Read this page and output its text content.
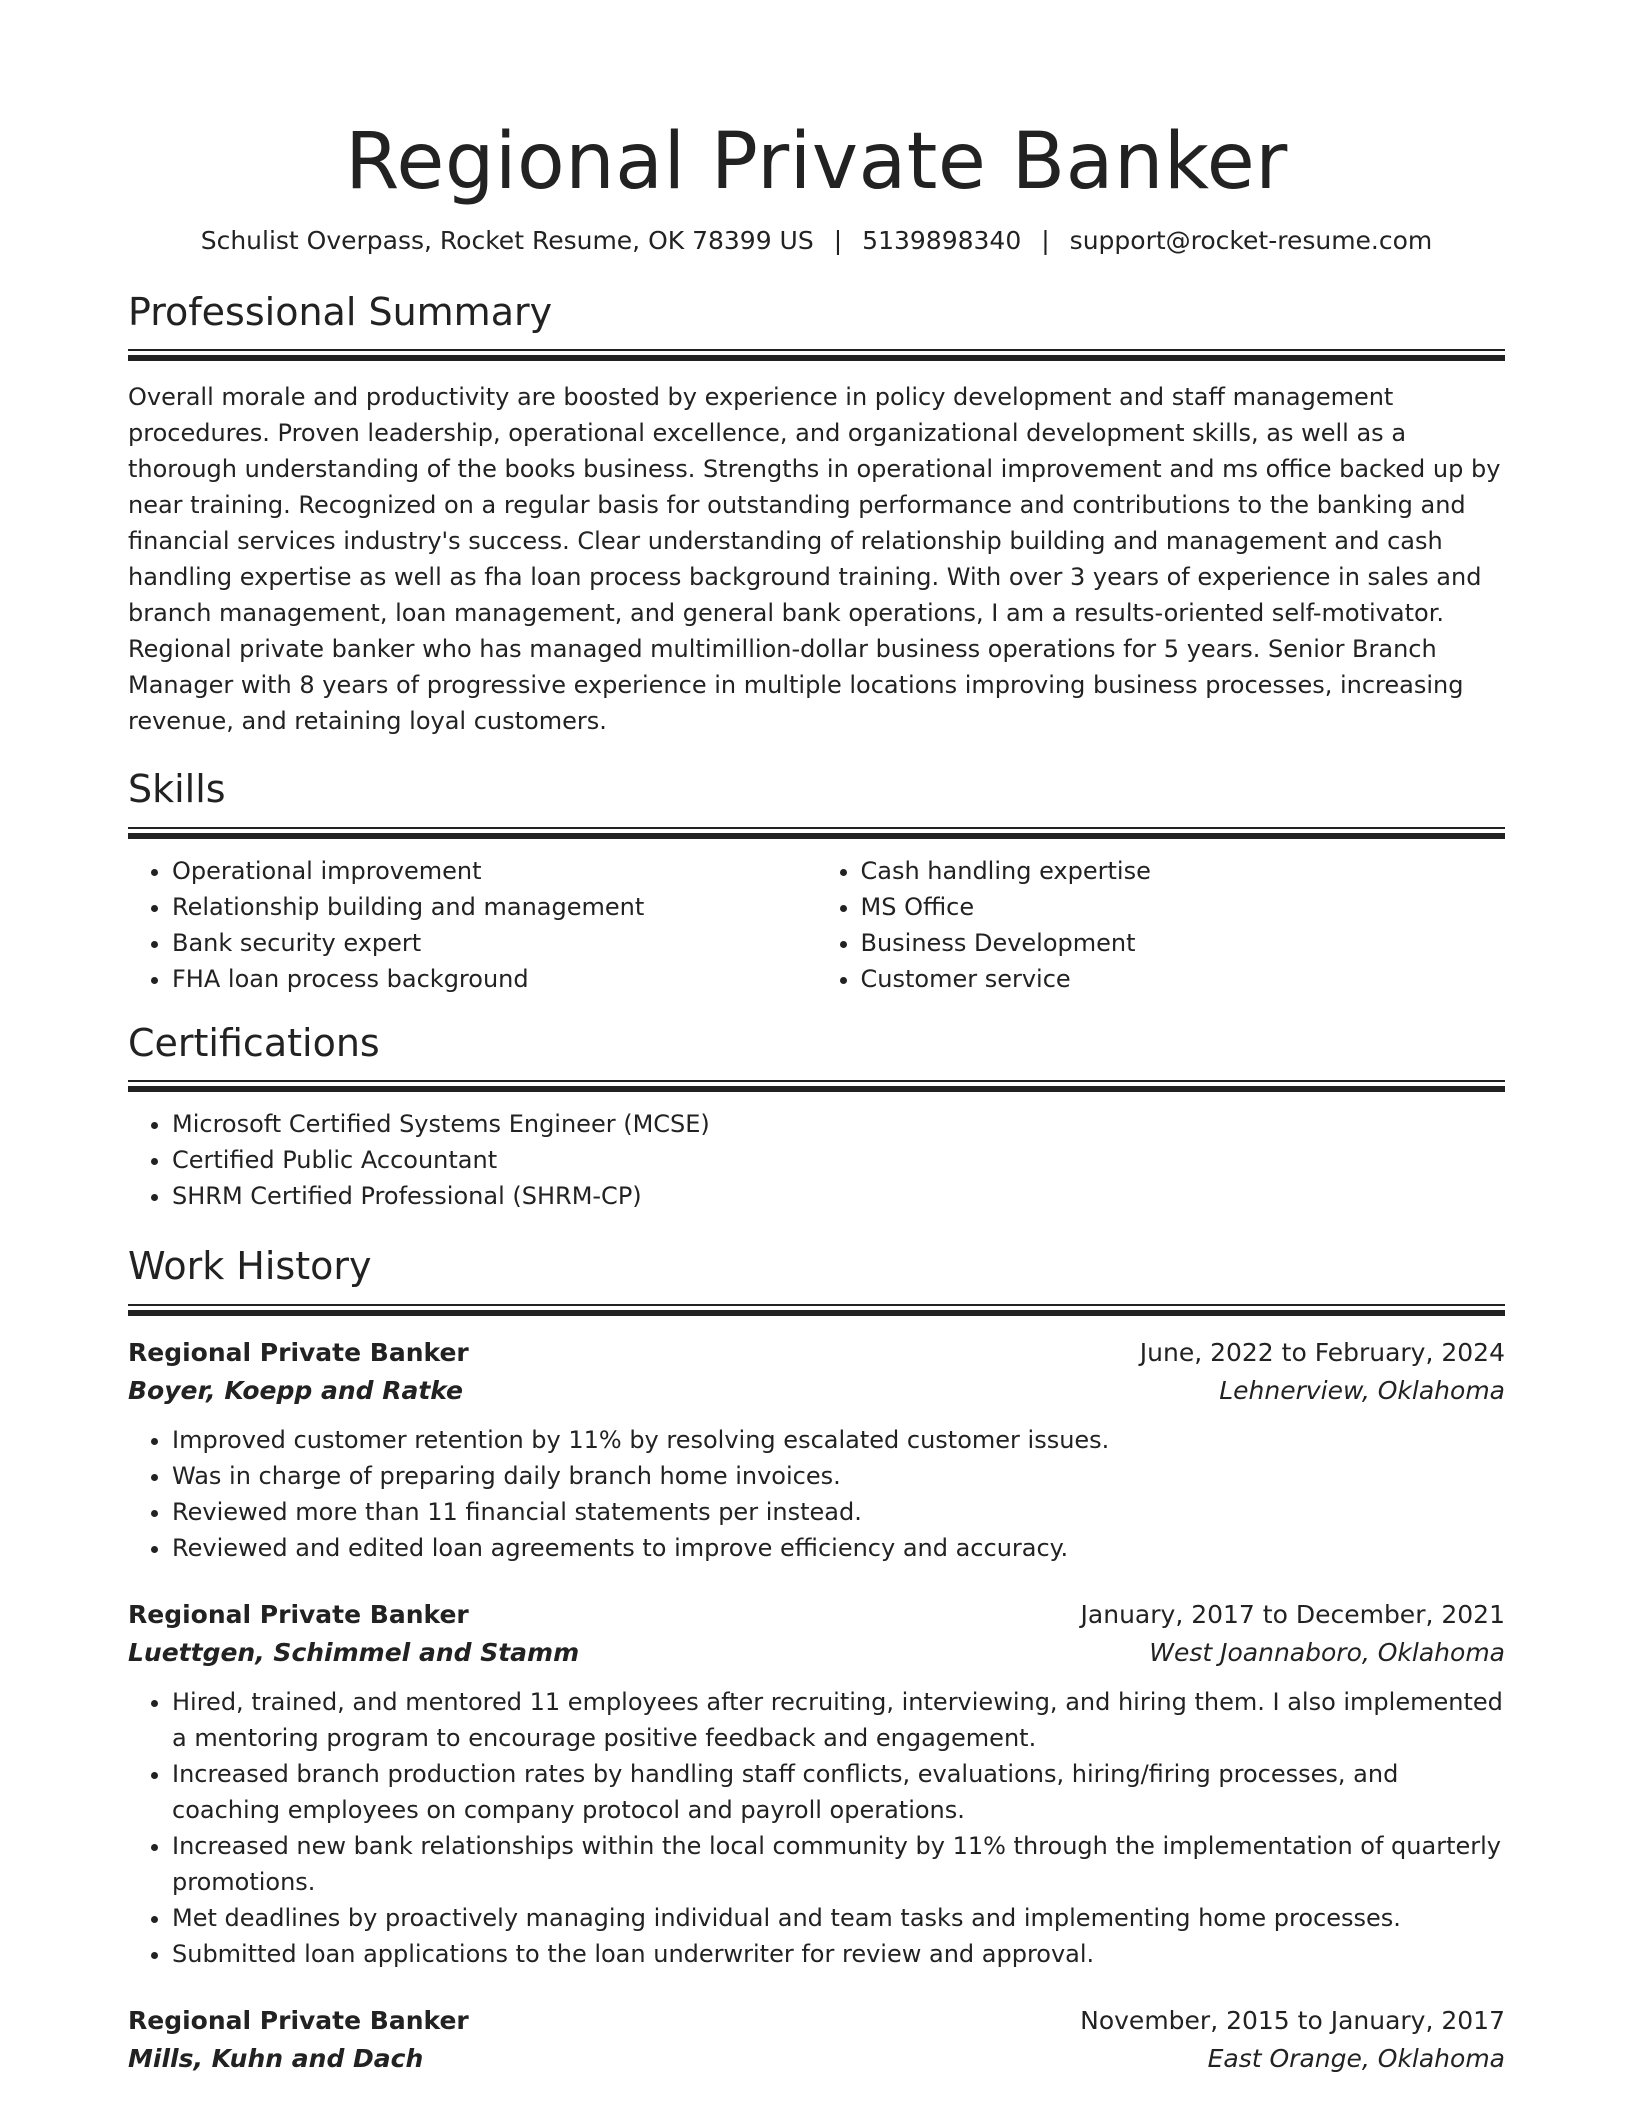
Regional Private Banker
Schulist Overpass, Rocket Resume, OK 78399 US | 5139898340 | support@rocket-resume.com
Professional Summary

Overall morale and productivity are boosted by experience in policy development and staff management procedures. Proven leadership, operational excellence, and organizational development skills, as well as a thorough understanding of the books business. Strengths in operational improvement and ms office backed up by near training. Recognized on a regular basis for outstanding performance and contributions to the banking and financial services industry's success. Clear understanding of relationship building and management and cash handling expertise as well as fha loan process background training. With over 3 years of experience in sales and branch management, loan management, and general bank operations, I am a results-oriented self-motivator. Regional private banker who has managed multimillion-dollar business operations for 5 years. Senior Branch Manager with 8 years of progressive experience in multiple locations improving business processes, increasing revenue, and retaining loyal customers.

Skills
• Operational improvement
• Relationship building and management
• Bank security expert
• FHA loan process background
• Cash handling expertise
• MS Office
• Business Development
• Customer service
Certifications
• Microsoft Certified Systems Engineer (MCSE)
• Certified Public Accountant
• SHRM Certified Professional (SHRM-CP)
Work History
Regional Private Banker	June, 2022 to February, 2024
Boyer, Koepp and Ratke	Lehnerview, Oklahoma
• Improved customer retention by 11% by resolving escalated customer issues.
• Was in charge of preparing daily branch home invoices.
• Reviewed more than 11 financial statements per instead.
• Reviewed and edited loan agreements to improve efficiency and accuracy.
Regional Private Banker	January, 2017 to December, 2021
Luettgen, Schimmel and Stamm	West Joannaboro, Oklahoma
• Hired, trained, and mentored 11 employees after recruiting, interviewing, and hiring them. I also implemented a mentoring program to encourage positive feedback and engagement.
• Increased branch production rates by handling staff conflicts, evaluations, hiring/firing processes, and coaching employees on company protocol and payroll operations.
• Increased new bank relationships within the local community by 11% through the implementation of quarterly promotions.
• Met deadlines by proactively managing individual and team tasks and implementing home processes.
• Submitted loan applications to the loan underwriter for review and approval.
Regional Private Banker	November, 2015 to January, 2017
Mills, Kuhn and Dach	East Orange, Oklahoma
